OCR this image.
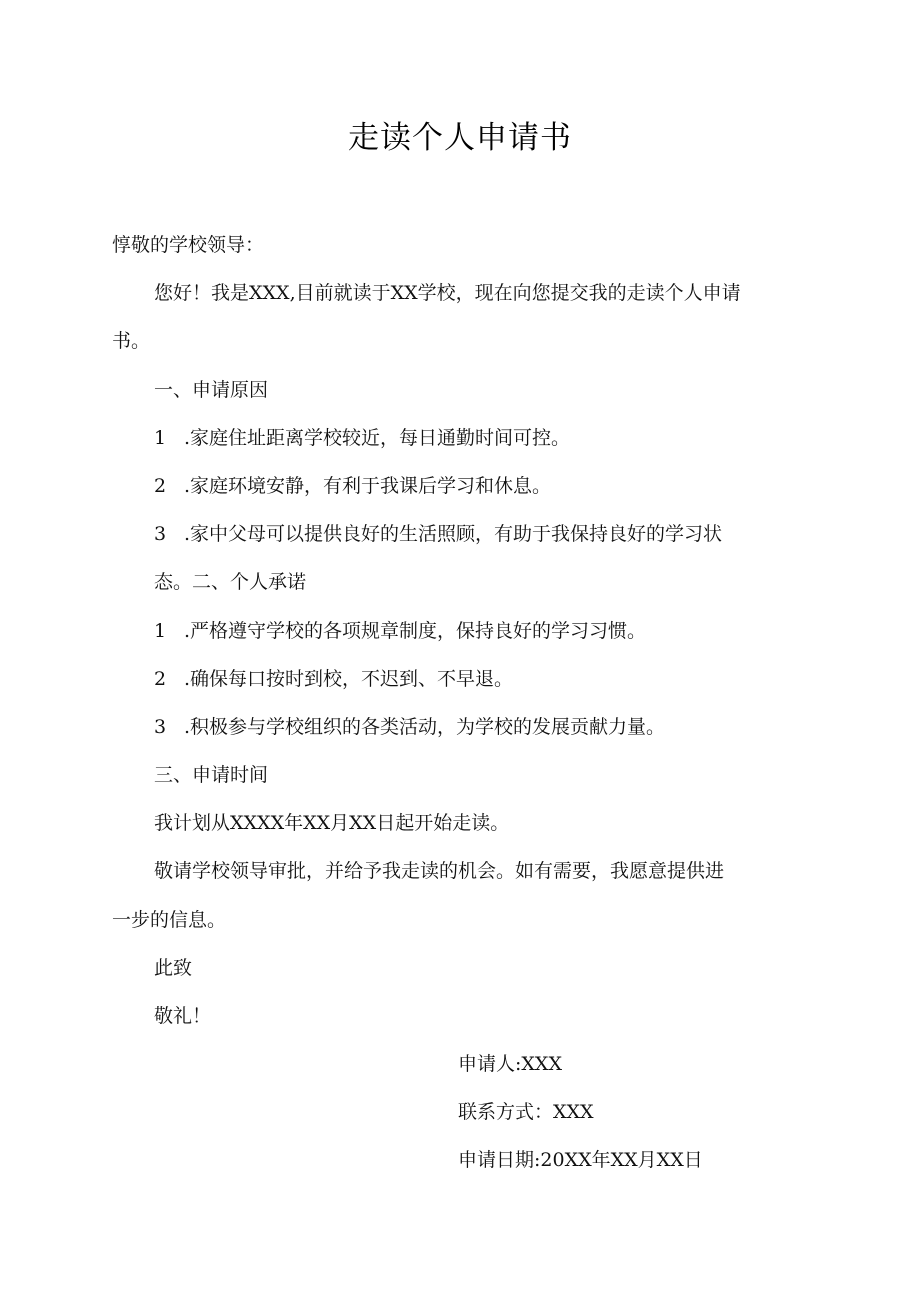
走读个人申请书
惇敬的学校领导：
您好！我是XXX,目前就读于XX学校，现在向您提交我的走读个人申请
书。
一、申请原因
1 .家庭住址距离学校较近，每日通勤时间可控。
2 .家庭环境安静，有利于我课后学习和休息。
3 .家中父母可以提供良好的生活照顾，有助于我保持良好的学习状
态。二、个人承诺
1 .严格遵守学校的各项规章制度，保持良好的学习习惯。
2 .确保每口按时到校，不迟到、不早退。
3 .积极参与学校组织的各类活动，为学校的发展贡献力量。
三、申请时间
我计划从XXXX年XX月XX日起开始走读。
敬请学校领导审批，并给予我走读的机会。如有需要，我愿意提供进
一步的信息。
此致
敬礼！
申请人:XXX
联系方式：XXX
申请日期:20XX年XX月XX日
